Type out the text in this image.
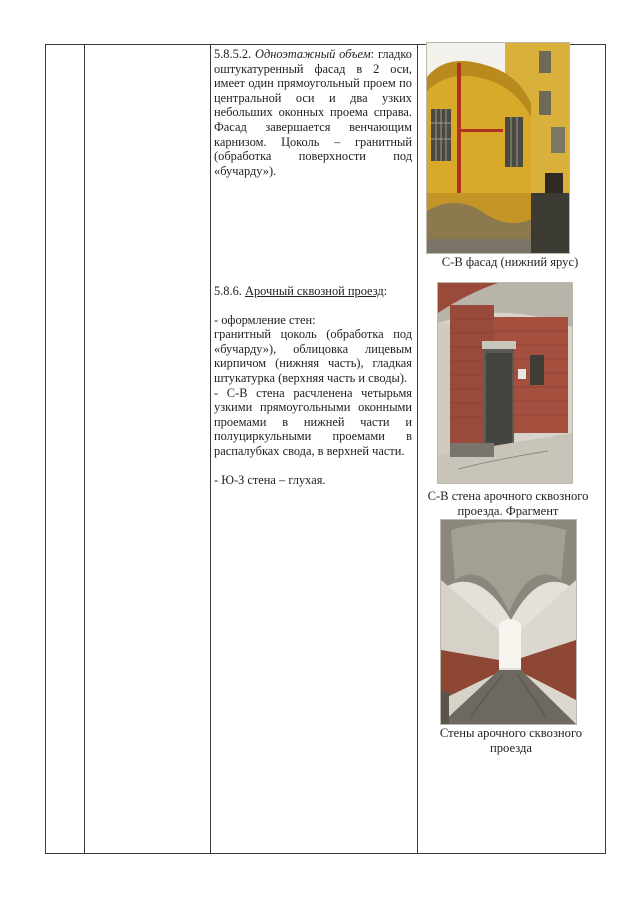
5.8.5.2. Одноэтажный объем: гладко оштукатуренный фасад в 2 оси, имеет один прямоугольный проем по центральной оси и два узких небольших оконных проема справа. Фасад завершается венчающим карнизом. Цоколь – гранитный (обработка поверхности под «бучарду»).

5.8.6. Арочный сквозной проезд:

- оформление стен:

гранитный цоколь (обработка под «бучарду»), облицовка лицевым кирпичом (нижняя часть), гладкая штукатурка (верхняя часть и своды).

- С-В стена расчленена четырьмя узкими прямоугольными оконными проемами в нижней части и полуциркульными проемами в распалубках свода, в верхней части.

- Ю-З стена – глухая.

С-В фасад (нижний ярус)
С-В стена арочного сквозного проезда. Фрагмент
Стены арочного сквозного проезда
